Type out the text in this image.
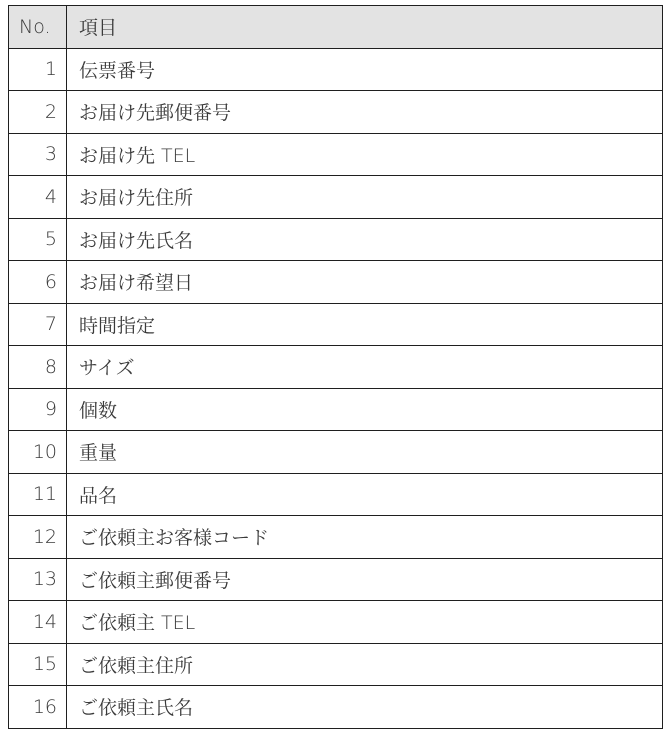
No.	項目
1	伝票番号
2	お届け先郵便番号
3	お届け先 TEL
4	お届け先住所
5	お届け先氏名
6	お届け希望日
7	時間指定
8	サイズ
9	個数
10	重量
11	品名
12	ご依頼主お客様コード
13	ご依頼主郵便番号
14	ご依頼主 TEL
15	ご依頼主住所
16	ご依頼主氏名
